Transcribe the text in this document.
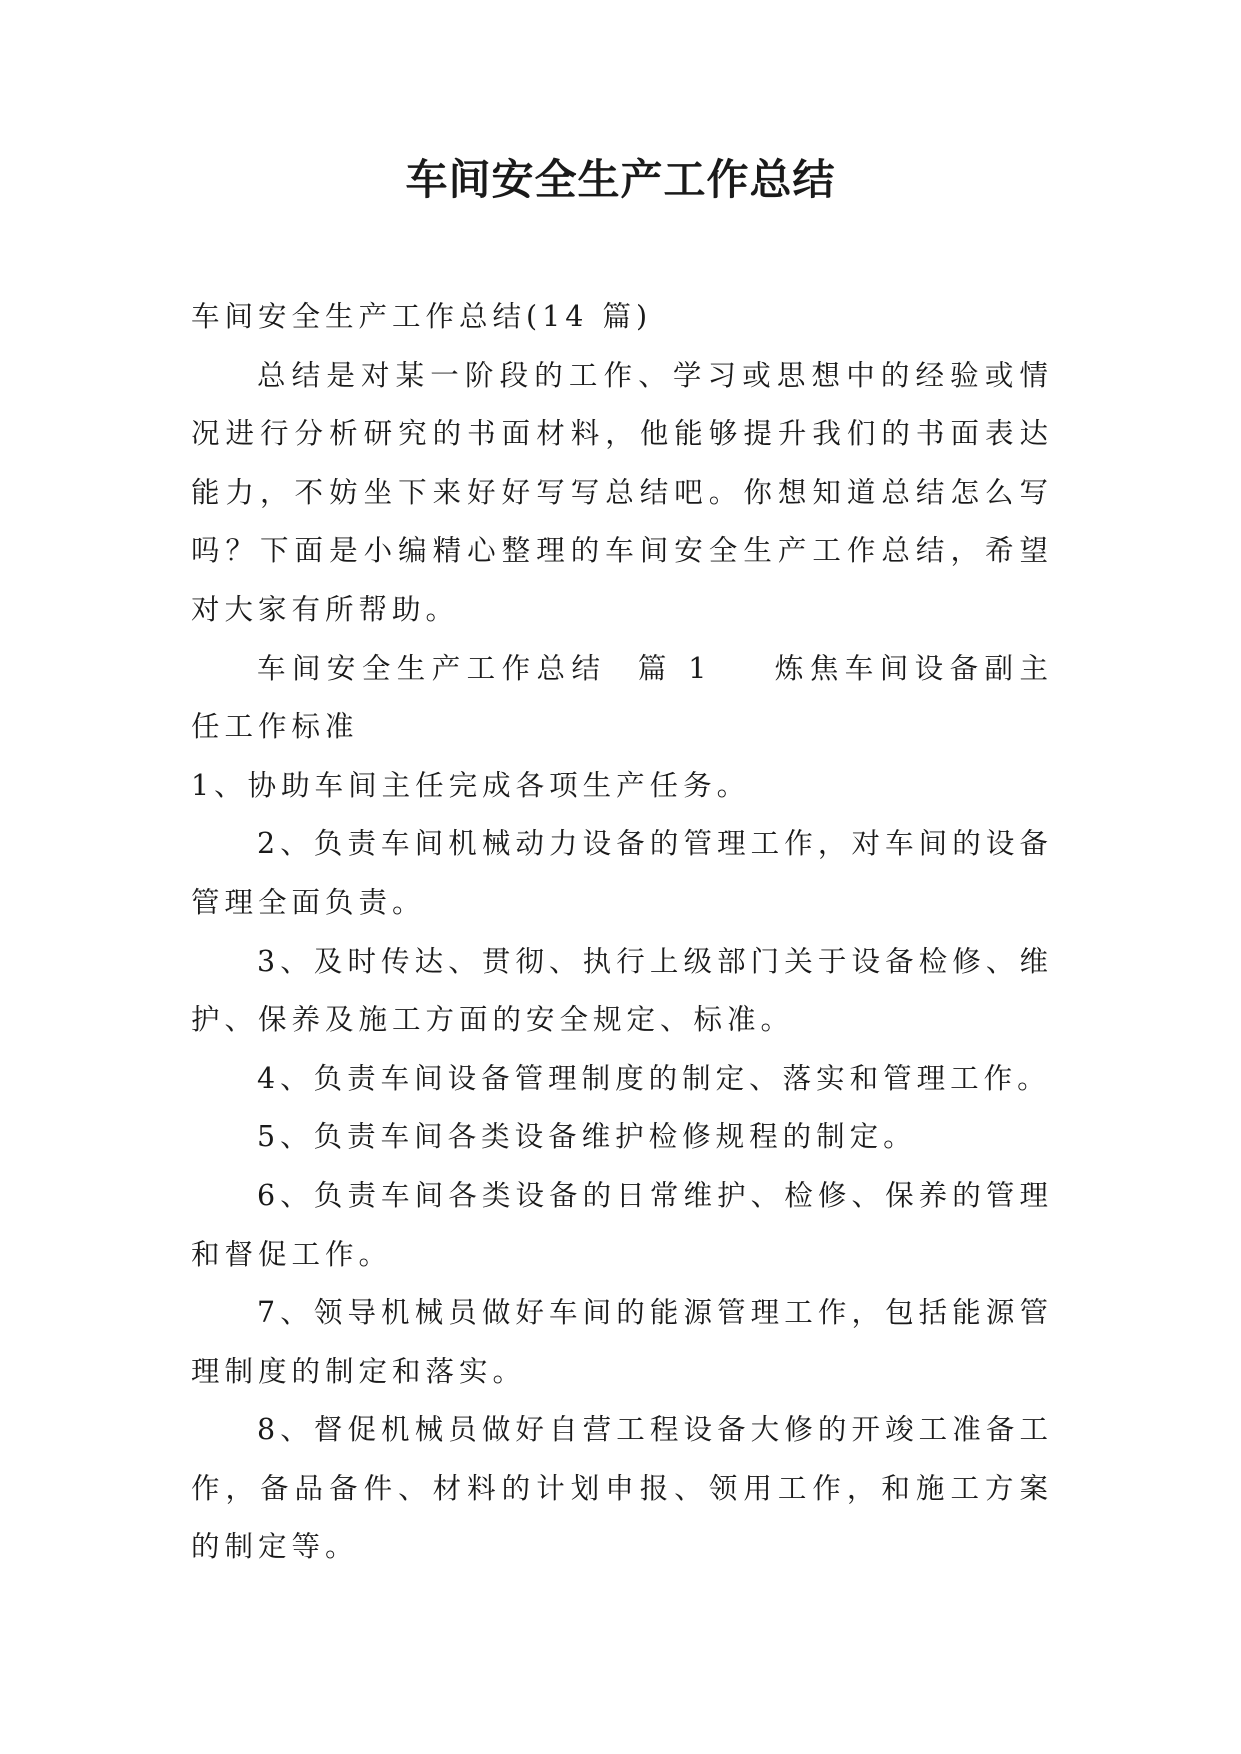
车间安全生产工作总结

车间安全生产工作总结(14 篇)

总结是对某一阶段的工作、学习或思想中的经验或情况进行分析研究的书面材料，他能够提升我们的书面表达能力，不妨坐下来好好写写总结吧。你想知道总结怎么写吗？下面是小编精心整理的车间安全生产工作总结，希望对大家有所帮助。

车间安全生产工作总结 篇 1 炼焦车间设备副主任工作标准

1、协助车间主任完成各项生产任务。

2、负责车间机械动力设备的管理工作，对车间的设备管理全面负责。

3、及时传达、贯彻、执行上级部门关于设备检修、维护、保养及施工方面的安全规定、标准。

4、负责车间设备管理制度的制定、落实和管理工作。

5、负责车间各类设备维护检修规程的制定。

6、负责车间各类设备的日常维护、检修、保养的管理和督促工作。

7、领导机械员做好车间的能源管理工作，包括能源管理制度的制定和落实。

8、督促机械员做好自营工程设备大修的开竣工准备工作，备品备件、材料的计划申报、领用工作，和施工方案的制定等。
